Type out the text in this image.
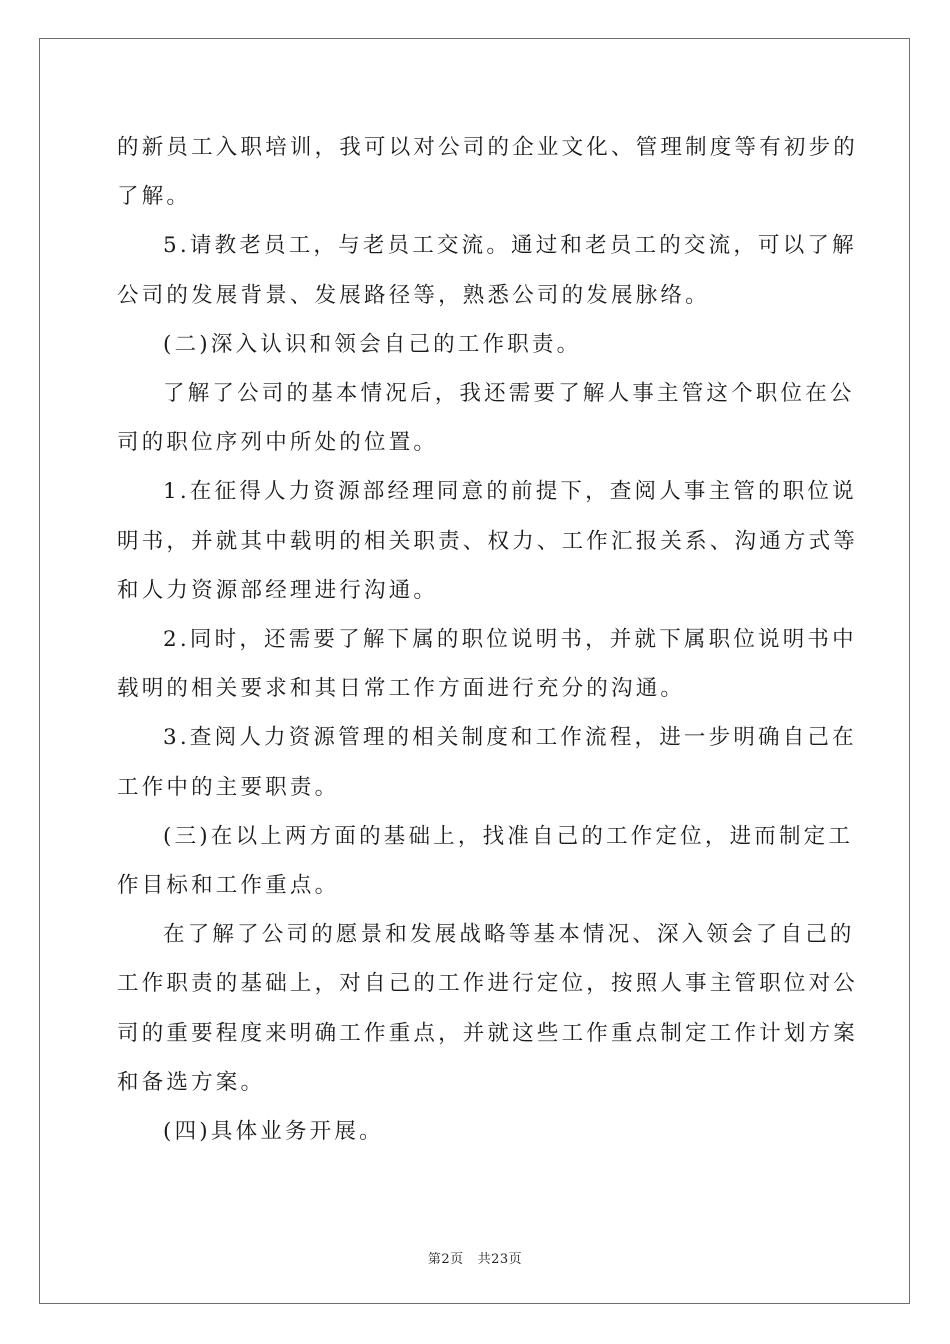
的新员工入职培训，我可以对公司的企业文化、管理制度等有初步的
了解。

5.请教老员工，与老员工交流。通过和老员工的交流，可以了解

公司的发展背景、发展路径等，熟悉公司的发展脉络。

(二)深入认识和领会自己的工作职责。

了解了公司的基本情况后，我还需要了解人事主管这个职位在公

司的职位序列中所处的位置。

1.在征得人力资源部经理同意的前提下，查阅人事主管的职位说

明书，并就其中载明的相关职责、权力、工作汇报关系、沟通方式等
和人力资源部经理进行沟通。

2.同时，还需要了解下属的职位说明书，并就下属职位说明书中

载明的相关要求和其日常工作方面进行充分的沟通。

3.查阅人力资源管理的相关制度和工作流程，进一步明确自己在

工作中的主要职责。

(三)在以上两方面的基础上，找准自己的工作定位，进而制定工

作目标和工作重点。

在了解了公司的愿景和发展战略等基本情况、深入领会了自己的

工作职责的基础上，对自己的工作进行定位，按照人事主管职位对公
司的重要程度来明确工作重点，并就这些工作重点制定工作计划方案
和备选方案。

(四)具体业务开展。

第2页 共23页
